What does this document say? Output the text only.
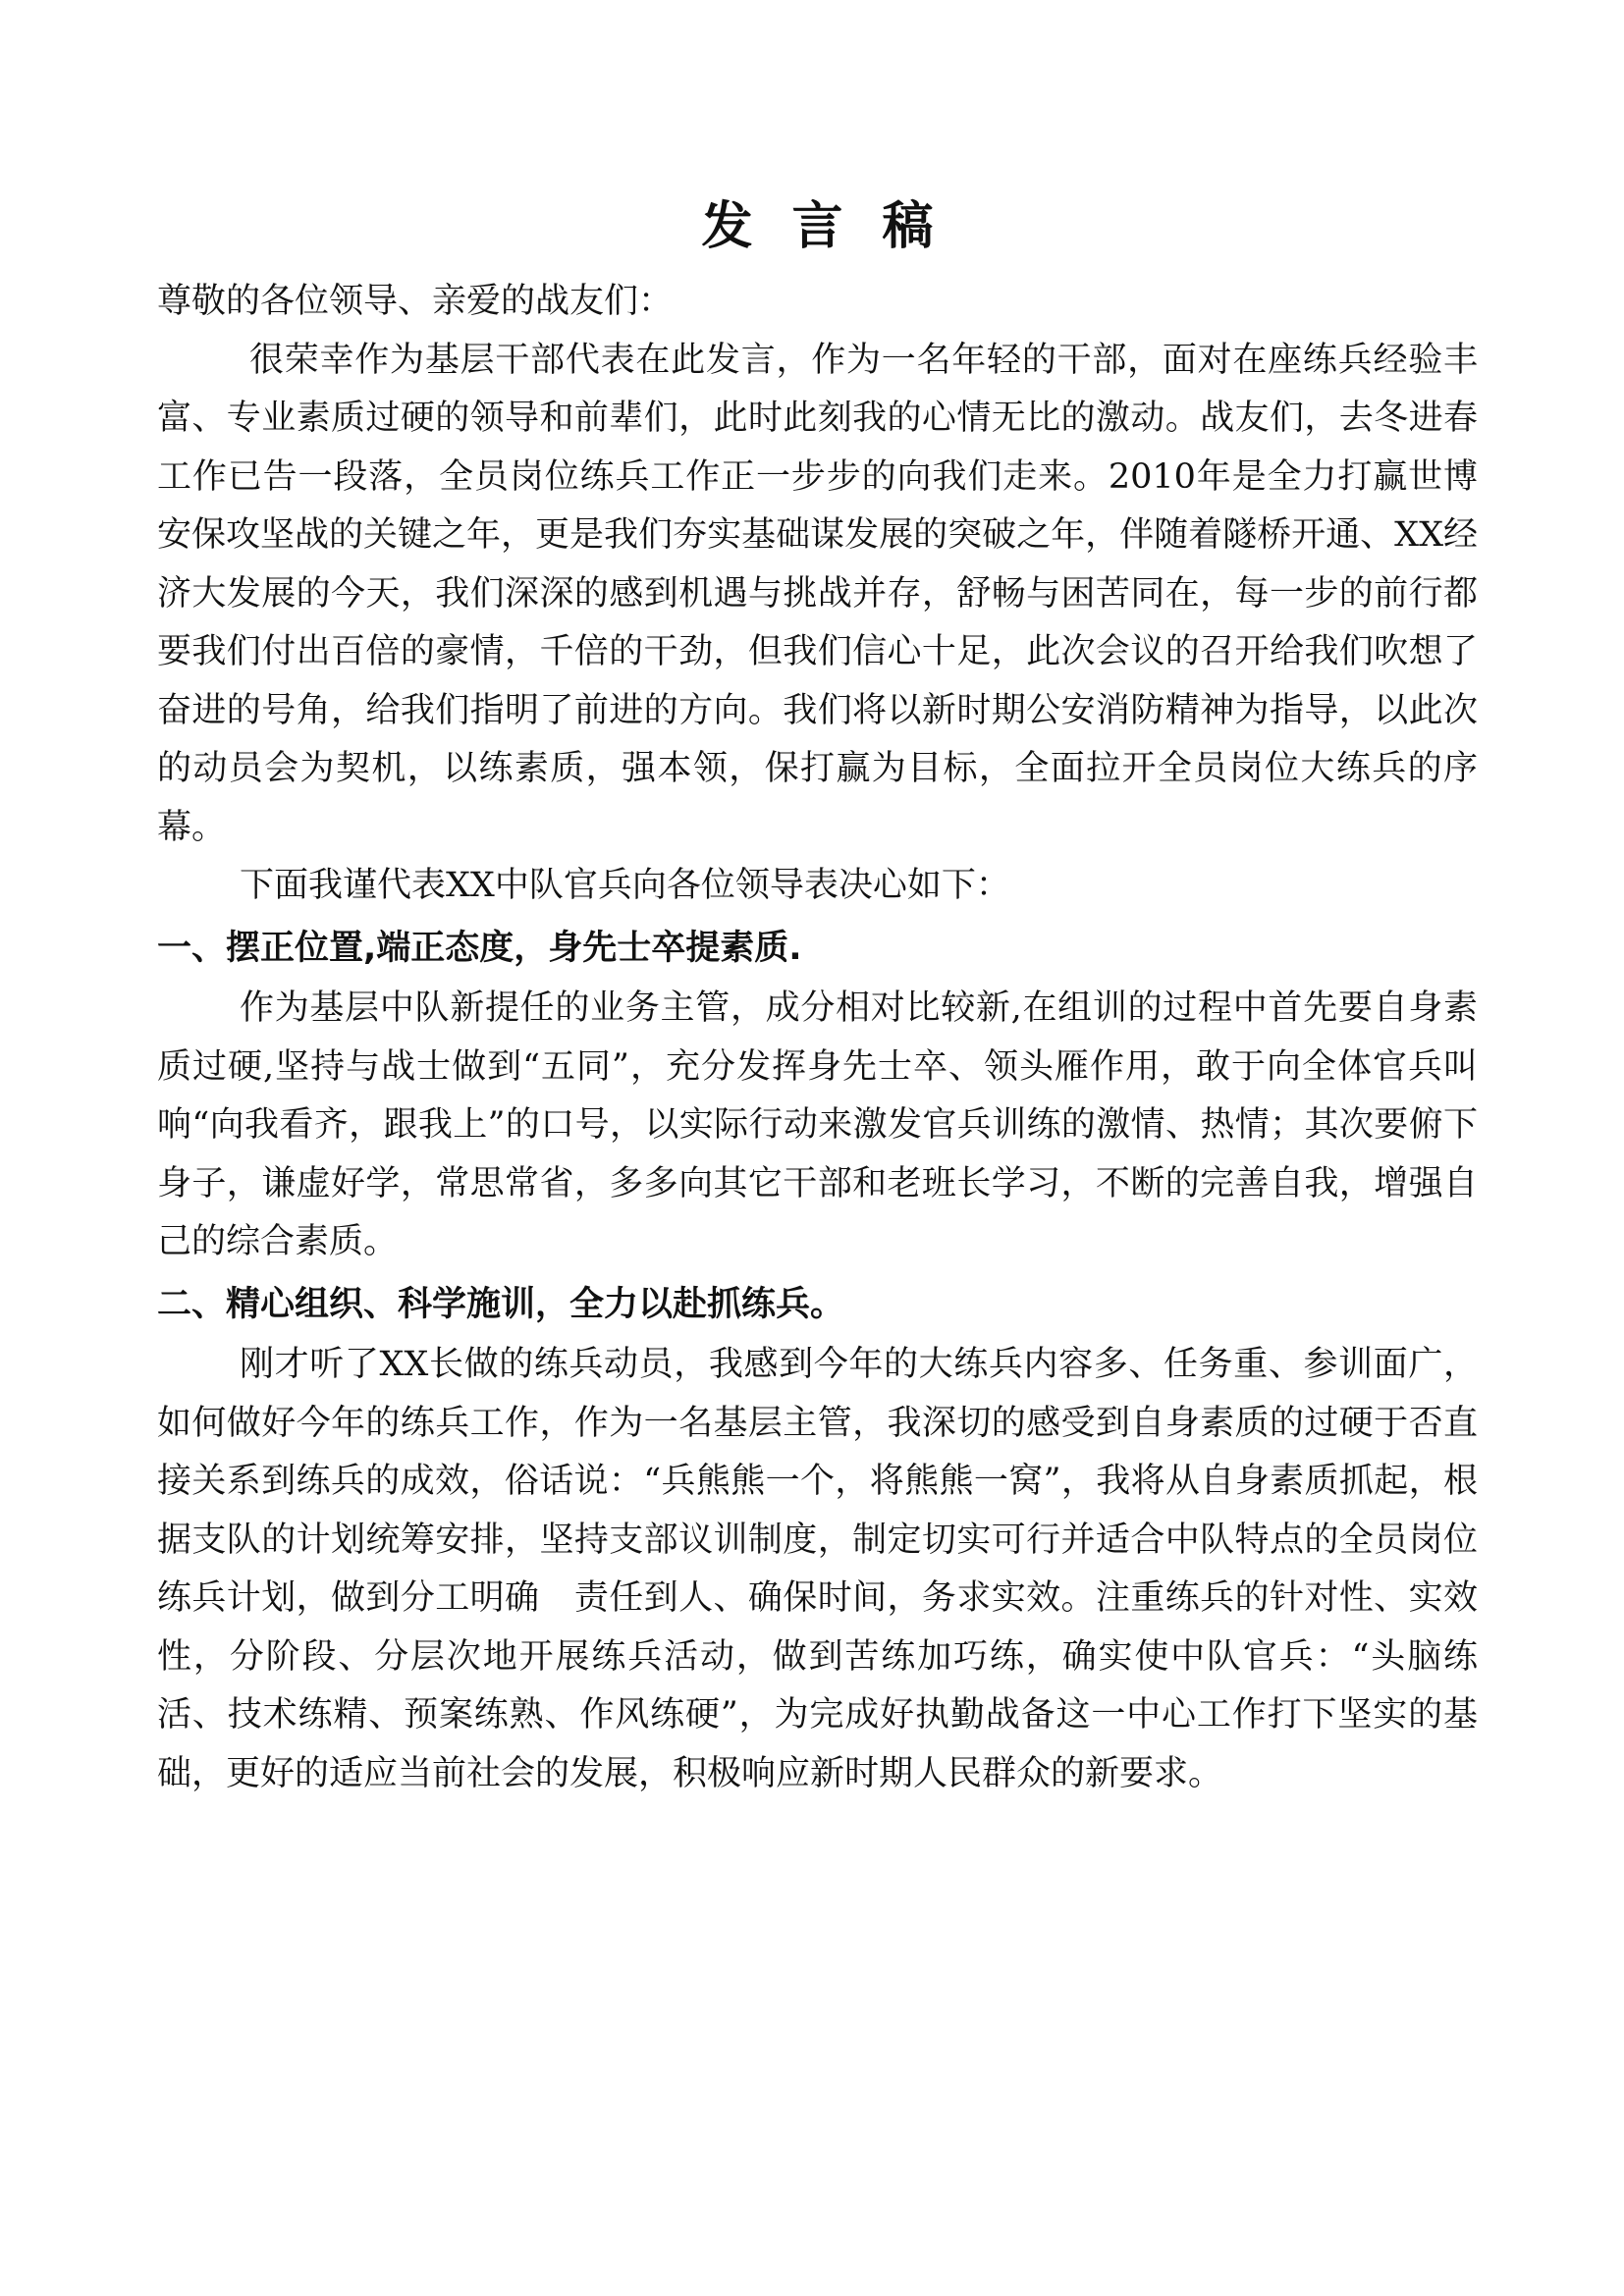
发言稿

尊敬的各位领导、亲爱的战友们：

很荣幸作为基层干部代表在此发言，作为一名年轻的干部，面对在座练兵经验丰富、专业素质过硬的领导和前辈们，此时此刻我的心情无比的激动。战友们，去冬进春工作已告一段落，全员岗位练兵工作正一步步的向我们走来。2010年是全力打赢世博安保攻坚战的关键之年，更是我们夯实基础谋发展的突破之年，伴随着隧桥开通、XX经济大发展的今天，我们深深的感到机遇与挑战并存，舒畅与困苦同在，每一步的前行都要我们付出百倍的豪情，千倍的干劲，但我们信心十足，此次会议的召开给我们吹想了奋进的号角，给我们指明了前进的方向。我们将以新时期公安消防精神为指导，以此次的动员会为契机，以练素质，强本领，保打赢为目标，全面拉开全员岗位大练兵的序幕。

下面我谨代表XX中队官兵向各位领导表决心如下：

一、摆正位置,端正态度，身先士卒提素质.

作为基层中队新提任的业务主管，成分相对比较新,在组训的过程中首先要自身素质过硬,坚持与战士做到“五同”，充分发挥身先士卒、领头雁作用，敢于向全体官兵叫响“向我看齐，跟我上”的口号，以实际行动来激发官兵训练的激情、热情；其次要俯下身子，谦虚好学，常思常省，多多向其它干部和老班长学习，不断的完善自我，增强自己的综合素质。

二、精心组织、科学施训，全力以赴抓练兵。

刚才听了XX长做的练兵动员，我感到今年的大练兵内容多、任务重、参训面广，如何做好今年的练兵工作，作为一名基层主管，我深切的感受到自身素质的过硬于否直接关系到练兵的成效，俗话说：“兵熊熊一个，将熊熊一窝”，我将从自身素质抓起，根据支队的计划统筹安排，坚持支部议训制度，制定切实可行并适合中队特点的全员岗位练兵计划，做到分工明确　责任到人、确保时间，务求实效。注重练兵的针对性、实效性，分阶段、分层次地开展练兵活动，做到苦练加巧练，确实使中队官兵：“头脑练活、技术练精、预案练熟、作风练硬”，为完成好执勤战备这一中心工作打下坚实的基础，更好的适应当前社会的发展，积极响应新时期人民群众的新要求。
